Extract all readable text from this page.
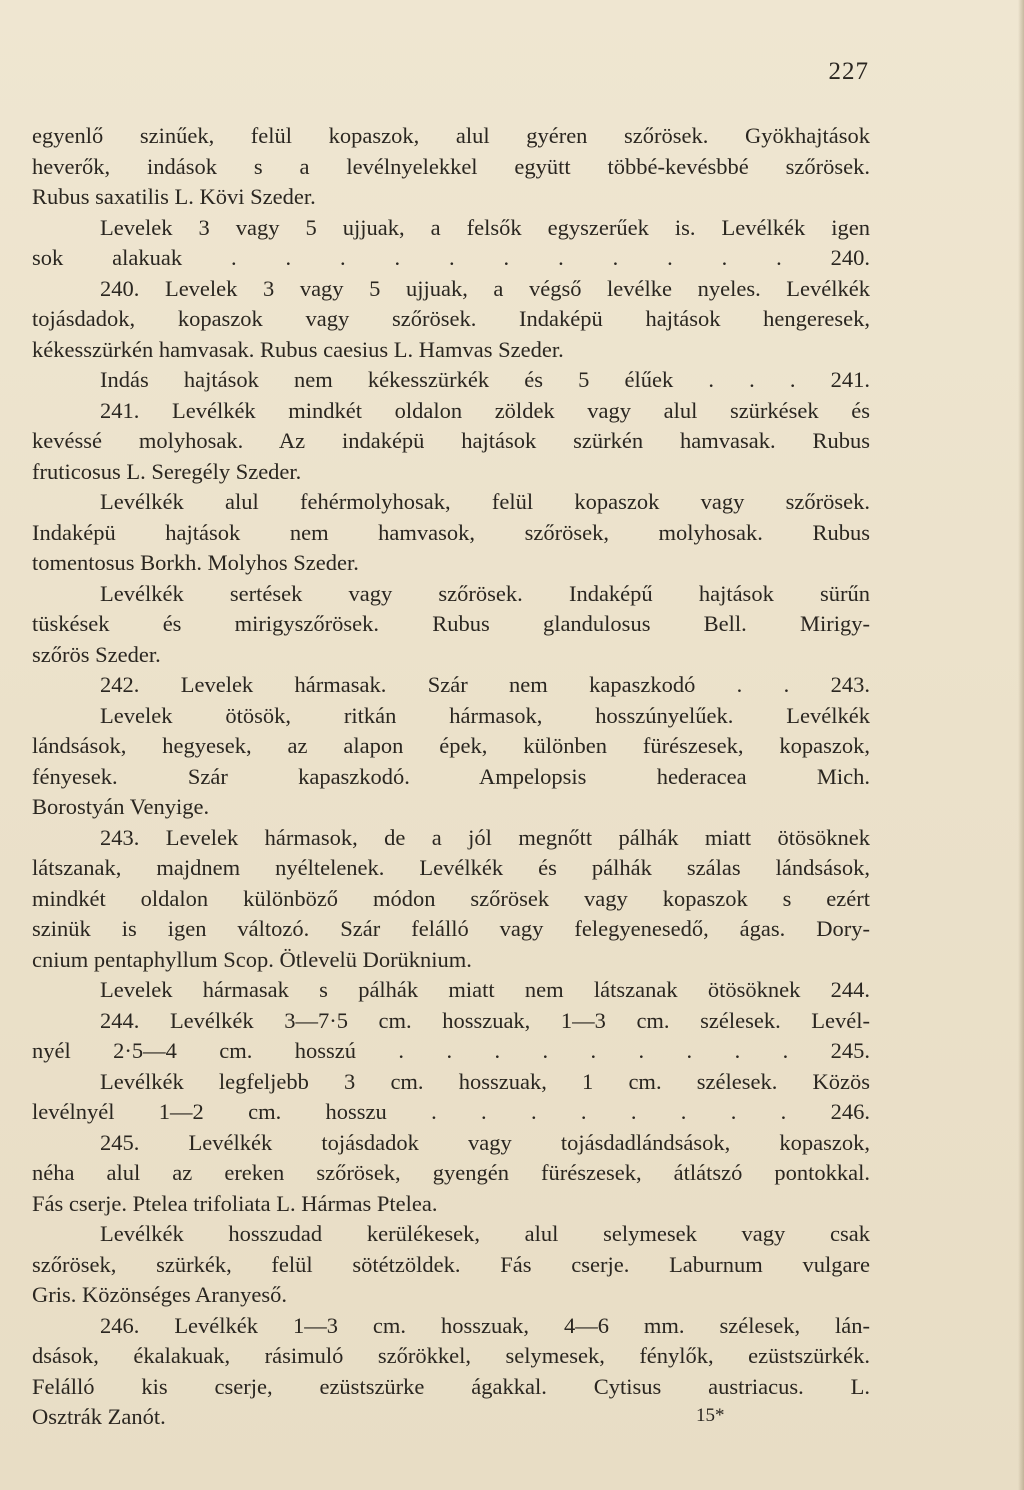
227
egyenlő szinűek, felül kopaszok, alul gyéren szőrösek. Gyökhajtások
heverők, indások s a levélnyelekkel együtt többé-kevésbbé szőrösek.
Rubus saxatilis L. Kövi Szeder.
Levelek 3 vagy 5 ujjuak, a felsők egyszerűek is. Levélkék igen
sok alakuak . . . . . . . . . . . 240.
240. Levelek 3 vagy 5 ujjuak, a végső levélke nyeles. Levélkék
tojásdadok, kopaszok vagy szőrösek. Indaképü hajtások hengeresek,
kékesszürkén hamvasak. Rubus caesius L. Hamvas Szeder.
Indás hajtások nem kékesszürkék és 5 élűek . . . 241.
241. Levélkék mindkét oldalon zöldek vagy alul szürkések és
kevéssé molyhosak. Az indaképü hajtások szürkén hamvasak. Rubus
fruticosus L. Seregély Szeder.
Levélkék alul fehérmolyhosak, felül kopaszok vagy szőrösek.
Indaképü hajtások nem hamvasok, szőrösek, molyhosak. Rubus
tomentosus Borkh. Molyhos Szeder.
Levélkék sertések vagy szőrösek. Indaképű hajtások sürűn
tüskések és mirigyszőrösek. Rubus glandulosus Bell. Mirigy-
szőrös Szeder.
242. Levelek hármasak. Szár nem kapaszkodó . . 243.
Levelek ötösök, ritkán hármasok, hosszúnyelűek. Levélkék
lándsások, hegyesek, az alapon épek, különben fürészesek, kopaszok,
fényesek. Szár kapaszkodó. Ampelopsis hederacea Mich.
Borostyán Venyige.
243. Levelek hármasok, de a jól megnőtt pálhák miatt ötösöknek
látszanak, majdnem nyéltelenek. Levélkék és pálhák szálas lándsások,
mindkét oldalon különböző módon szőrösek vagy kopaszok s ezért
szinük is igen változó. Szár felálló vagy felegyenesedő, ágas. Dory-
cnium pentaphyllum Scop. Ötlevelü Dorüknium.
Levelek hármasak s pálhák miatt nem látszanak ötösöknek 244.
244. Levélkék 3—7·5 cm. hosszuak, 1—3 cm. szélesek. Levél-
nyél 2·5—4 cm. hosszú . . . . . . . . . 245.
Levélkék legfeljebb 3 cm. hosszuak, 1 cm. szélesek. Közös
levélnyél 1—2 cm. hosszu . . . . . . . . 246.
245. Levélkék tojásdadok vagy tojásdadlándsások, kopaszok,
néha alul az ereken szőrösek, gyengén fürészesek, átlátszó pontokkal.
Fás cserje. Ptelea trifoliata L. Hármas Ptelea.
Levélkék hosszudad kerülékesek, alul selymesek vagy csak
szőrösek, szürkék, felül sötétzöldek. Fás cserje. Laburnum vulgare
Gris. Közönséges Aranyeső.
246. Levélkék 1—3 cm. hosszuak, 4—6 mm. szélesek, lán-
dsások, ékalakuak, rásimuló szőrökkel, selymesek, fénylők, ezüstszürkék.
Felálló kis cserje, ezüstszürke ágakkal. Cytisus austriacus. L.
Osztrák Zanót.	15*
